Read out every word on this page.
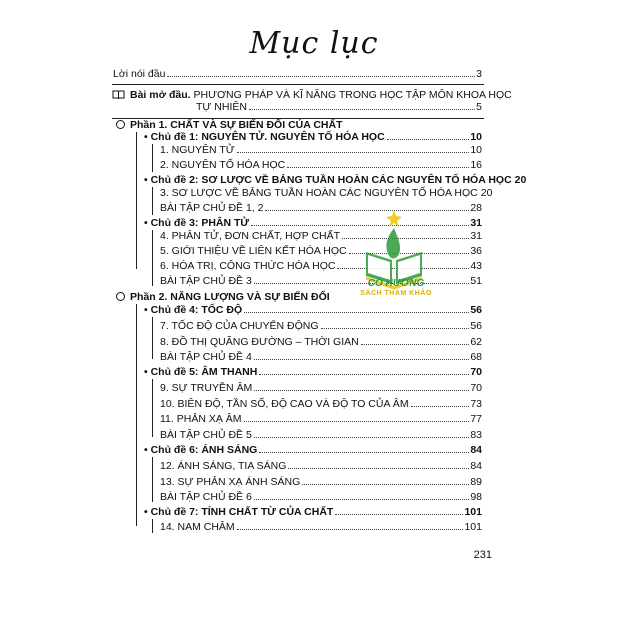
Mục lục
Lời nói đầu	3
Bài mở đầu. PHƯƠNG PHÁP VÀ KĨ NĂNG TRONG HỌC TẬP MÔN KHOA HỌC
TỰ NHIÊN	5
Phần 1. CHẤT VÀ SỰ BIẾN ĐỔI CỦA CHẤT
• Chủ đề 1: NGUYÊN TỬ. NGUYÊN TỐ HÓA HỌC	10
1. NGUYÊN TỬ	10
2. NGUYÊN TỐ HÓA HỌC	16
• Chủ đề 2: SƠ LƯỢC VỀ BẢNG TUẦN HOÀN CÁC NGUYÊN TỐ HÓA HỌC 20
3. SƠ LƯỢC VỀ BẢNG TUẦN HOÀN CÁC NGUYÊN TỐ HÓA HỌC 20
BÀI TẬP CHỦ ĐỀ 1, 2	28
• Chủ đề 3: PHÂN TỬ	31
4. PHÂN TỬ, ĐƠN CHẤT, HỢP CHẤT	31
5. GIỚI THIỆU VỀ LIÊN KẾT HÓA HỌC	36
6. HÓA TRỊ, CÔNG THỨC HÓA HỌC	43
BÀI TẬP CHỦ ĐỀ 3	51
Phần 2. NĂNG LƯỢNG VÀ SỰ BIẾN ĐỔI
• Chủ đề 4: TỐC ĐỘ	56
7. TỐC ĐỘ CỦA CHUYỂN ĐỘNG	56
8. ĐỒ THỊ QUÃNG ĐƯỜNG – THỜI GIAN	62
BÀI TẬP CHỦ ĐỀ 4	68
• Chủ đề 5: ÂM THANH	70
9. SỰ TRUYỀN ÂM	70
10. BIÊN ĐỘ, TẦN SỐ, ĐỘ CAO VÀ ĐỘ TO CỦA ÂM	73
11. PHẢN XẠ ÂM	77
BÀI TẬP CHỦ ĐỀ 5	83
• Chủ đề 6: ÁNH SÁNG	84
12. ÁNH SÁNG, TIA SÁNG	84
13. SỰ PHẢN XẠ ÁNH SÁNG	89
BÀI TẬP CHỦ ĐỀ 6	98
• Chủ đề 7: TÍNH CHẤT TỪ CỦA CHẤT	101
14. NAM CHÂM	101
CÔ HƯƠNG
SÁCH THAM KHẢO
231
